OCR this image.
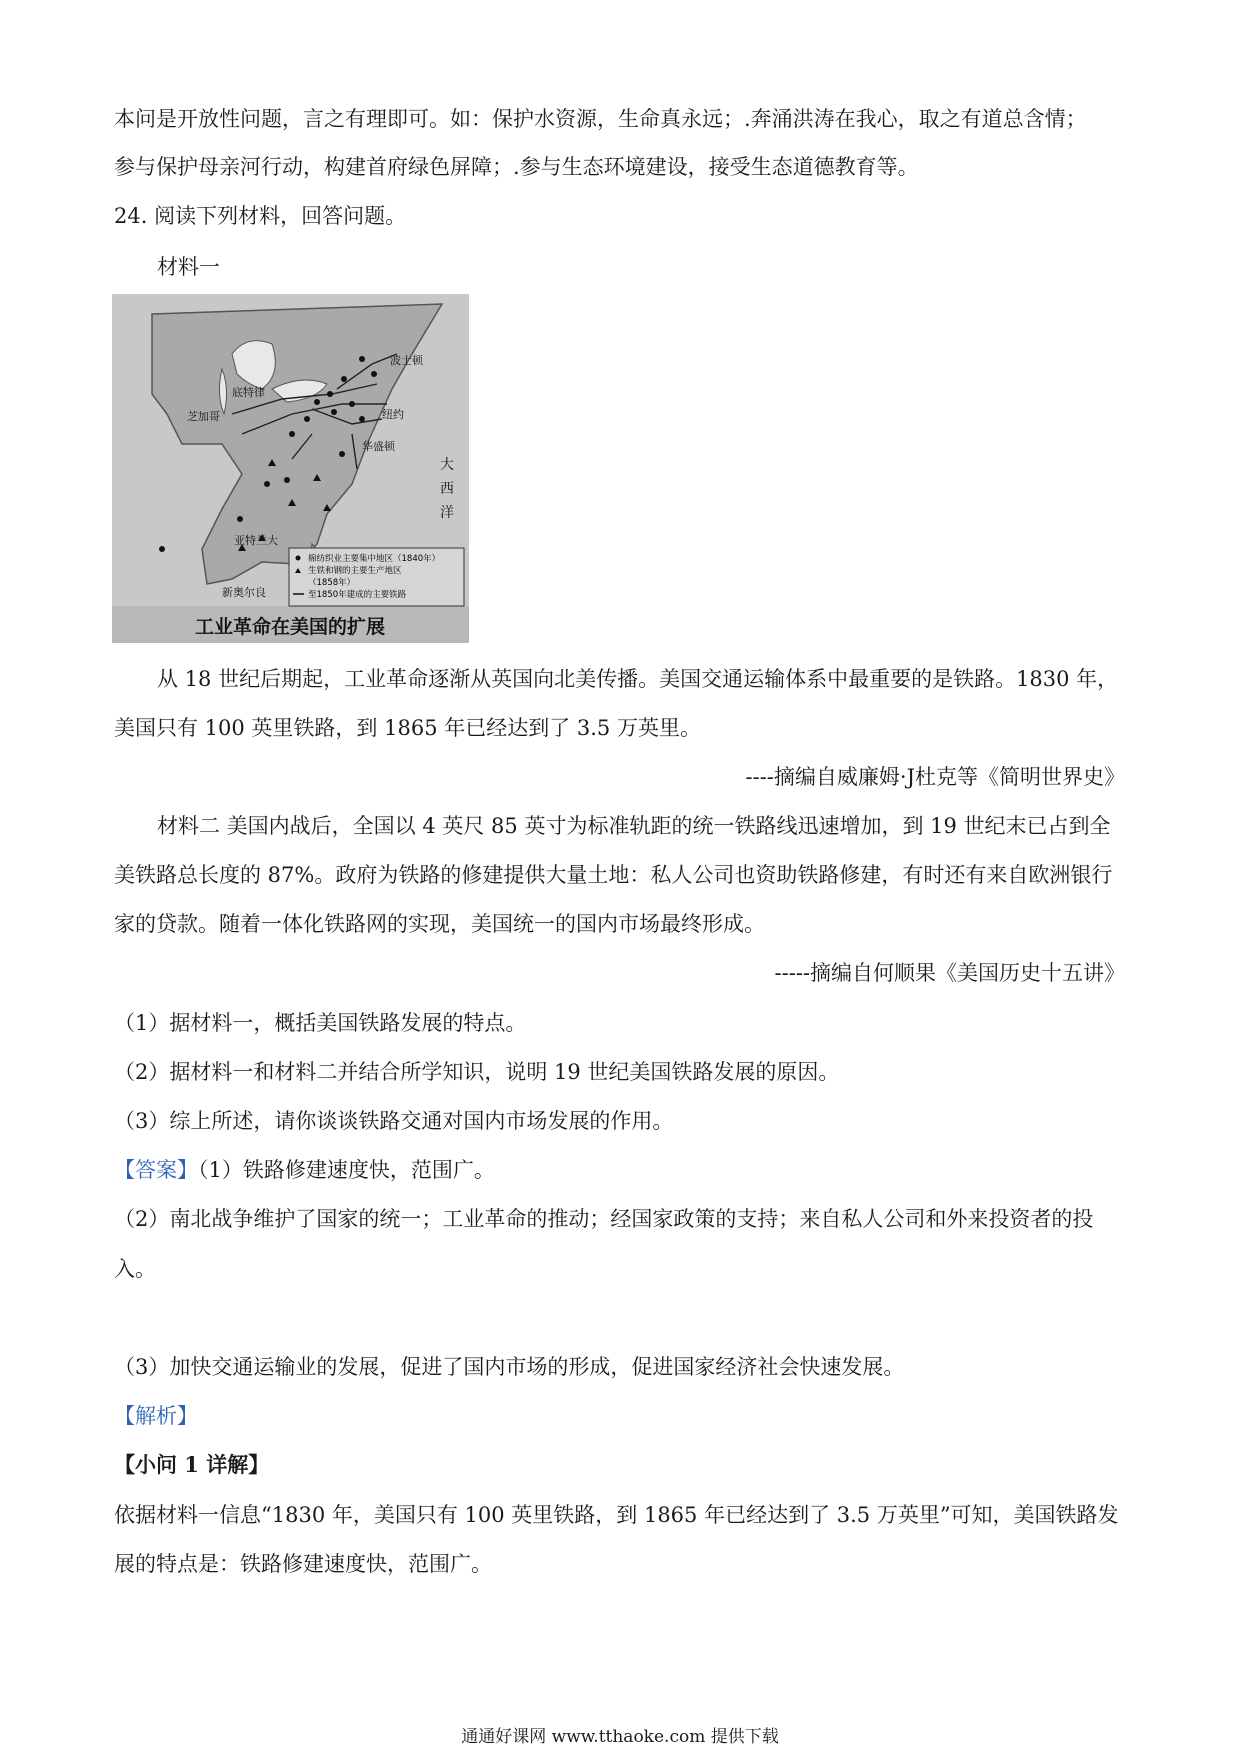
本问是开放性问题，言之有理即可。如：保护水资源，生命真永远；.奔涌洪涛在我心，取之有道总含情；
参与保护母亲河行动，构建首府绿色屏障；.参与生态环境建设，接受生态道德教育等。
24. 阅读下列材料，回答问题。
材料一
波士顿
底特律
芝加哥	纽约
华盛顿
亚特兰大
新奥尔良
大
西
洋
棉纺织业主要集中地区（1840年）
生铁和钢的主要生产地区
（1858年）
至1850年建成的主要铁路
工业革命在美国的扩展
从 18 世纪后期起，工业革命逐渐从英国向北美传播。美国交通运输体系中最重要的是铁路。1830 年，
美国只有 100 英里铁路，到 1865 年已经达到了 3.5 万英里。
----摘编自威廉姆·J杜克等《简明世界史》
材料二 美国内战后，全国以 4 英尺 85 英寸为标准轨距的统一铁路线迅速增加，到 19 世纪末已占到全
美铁路总长度的 87%。政府为铁路的修建提供大量土地：私人公司也资助铁路修建，有时还有来自欧洲银行
家的贷款。随着一体化铁路网的实现，美国统一的国内市场最终形成。
-----摘编自何顺果《美国历史十五讲》
（1）据材料一，概括美国铁路发展的特点。
（2）据材料一和材料二并结合所学知识，说明 19 世纪美国铁路发展的原因。
（3）综上所述，请你谈谈铁路交通对国内市场发展的作用。
【答案】（1）铁路修建速度快，范围广。
（2）南北战争维护了国家的统一；工业革命的推动；经国家政策的支持；来自私人公司和外来投资者的投
入。
（3）加快交通运输业的发展，促进了国内市场的形成，促进国家经济社会快速发展。
【解析】
【小问 1 详解】
依据材料一信息“1830 年，美国只有 100 英里铁路，到 1865 年已经达到了 3.5 万英里”可知，美国铁路发
展的特点是：铁路修建速度快，范围广。
通通好课网 www.tthaoke.com 提供下载
